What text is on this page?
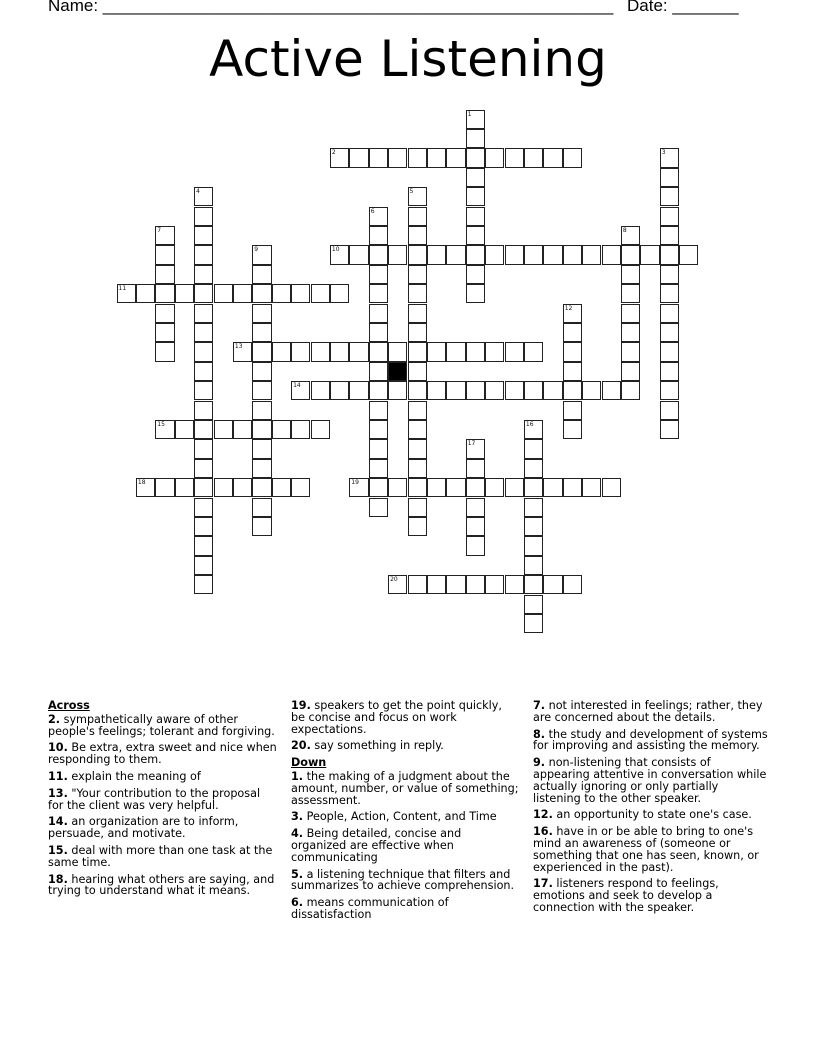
Name: ______________________________________________________ Date: _______
Active Listening
1
2	3
4	5
6
7	8
9	10
11
12
13
14
15	16
17
18	19
20
Across
2. sympathetically aware of other people's feelings; tolerant and forgiving.
10. Be extra, extra sweet and nice when responding to them.
11. explain the meaning of
13. "Your contribution to the proposal for the client was very helpful.
14. an organization are to inform, persuade, and motivate.
15. deal with more than one task at the same time.
18. hearing what others are saying, and trying to understand what it means.
19. speakers to get the point quickly, be concise and focus on work expectations.
20. say something in reply.
Down
1. the making of a judgment about the amount, number, or value of something; assessment.
3. People, Action, Content, and Time
4. Being detailed, concise and organized are effective when communicating
5. a listening technique that filters and summarizes to achieve comprehension.
6. means communication of dissatisfaction
7. not interested in feelings; rather, they are concerned about the details.
8. the study and development of systems for improving and assisting the memory.
9. non-listening that consists of appearing attentive in conversation while actually ignoring or only partially listening to the other speaker.
12. an opportunity to state one's case.
16. have in or be able to bring to one's mind an awareness of (someone or something that one has seen, known, or experienced in the past).
17. listeners respond to feelings, emotions and seek to develop a connection with the speaker.
